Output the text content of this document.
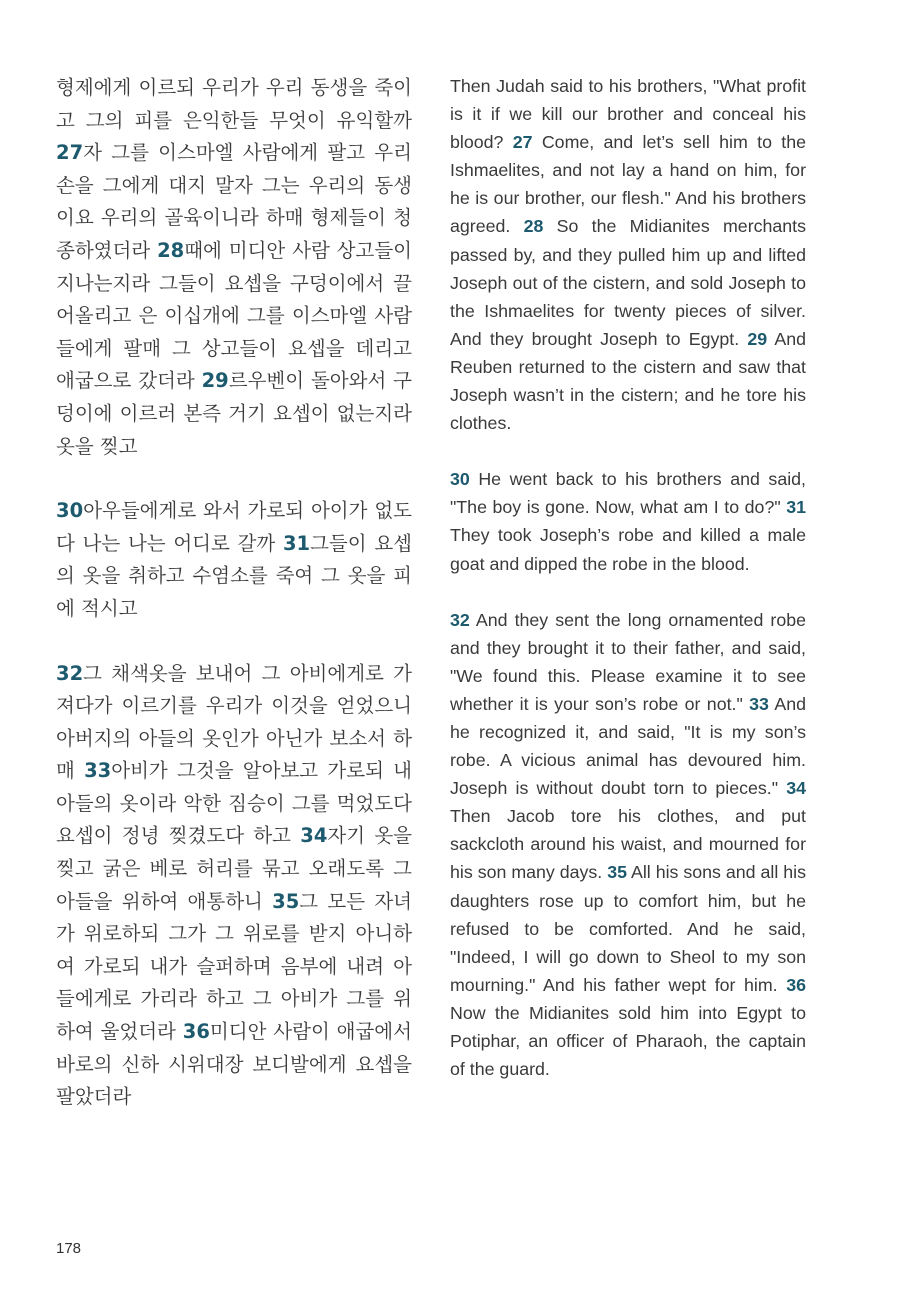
형제에게 이르되 우리가 우리 동생을 죽이고 그의 피를 은익한들 무엇이 유익할까 27자 그를 이스마엘 사람에게 팔고 우리 손을 그에게 대지 말자 그는 우리의 동생이요 우리의 골육이니라 하매 형제들이 청종하였더라 28때에 미디안 사람 상고들이 지나는지라 그들이 요셉을 구덩이에서 끌어올리고 은 이십개에 그를 이스마엘 사람들에게 팔매 그 상고들이 요셉을 데리고 애굽으로 갔더라 29르우벤이 돌아와서 구덩이에 이르러 본즉 거기 요셉이 없는지라 옷을 찢고

30아우들에게로 와서 가로되 아이가 없도다 나는 나는 어디로 갈까 31그들이 요셉의 옷을 취하고 수염소를 죽여 그 옷을 피에 적시고

32그 채색옷을 보내어 그 아비에게로 가져다가 이르기를 우리가 이것을 얻었으니 아버지의 아들의 옷인가 아닌가 보소서 하매 33아비가 그것을 알아보고 가로되 내 아들의 옷이라 악한 짐승이 그를 먹었도다 요셉이 정녕 찢겼도다 하고 34자기 옷을 찢고 굵은 베로 허리를 묶고 오래도록 그 아들을 위하여 애통하니 35그 모든 자녀가 위로하되 그가 그 위로를 받지 아니하여 가로되 내가 슬퍼하며 음부에 내려 아들에게로 가리라 하고 그 아비가 그를 위하여 울었더라 36미디안 사람이 애굽에서 바로의 신하 시위대장 보디발에게 요셉을 팔았더라

Then Judah said to his brothers, "What profit is it if we kill our brother and conceal his blood? 27 Come, and let’s sell him to the Ishmaelites, and not lay a hand on him, for he is our brother, our flesh." And his brothers agreed. 28 So the Midianites merchants passed by, and they pulled him up and lifted Joseph out of the cistern, and sold Joseph to the Ishmaelites for twenty pieces of silver. And they brought Joseph to Egypt. 29 And Reuben returned to the cistern and saw that Joseph wasn’t in the cistern; and he tore his clothes.

30 He went back to his brothers and said, "The boy is gone. Now, what am I to do?" 31 They took Joseph’s robe and killed a male goat and dipped the robe in the blood.

32 And they sent the long ornamented robe and they brought it to their father, and said, "We found this. Please examine it to see whether it is your son’s robe or not." 33 And he recognized it, and said, "It is my son’s robe. A vicious animal has devoured him. Joseph is without doubt torn to pieces." 34 Then Jacob tore his clothes, and put sackcloth around his waist, and mourned for his son many days. 35 All his sons and all his daughters rose up to comfort him, but he refused to be comforted. And he said, "Indeed, I will go down to Sheol to my son mourning." And his father wept for him. 36 Now the Midianites sold him into Egypt to Potiphar, an officer of Pharaoh, the captain of the guard.

178
